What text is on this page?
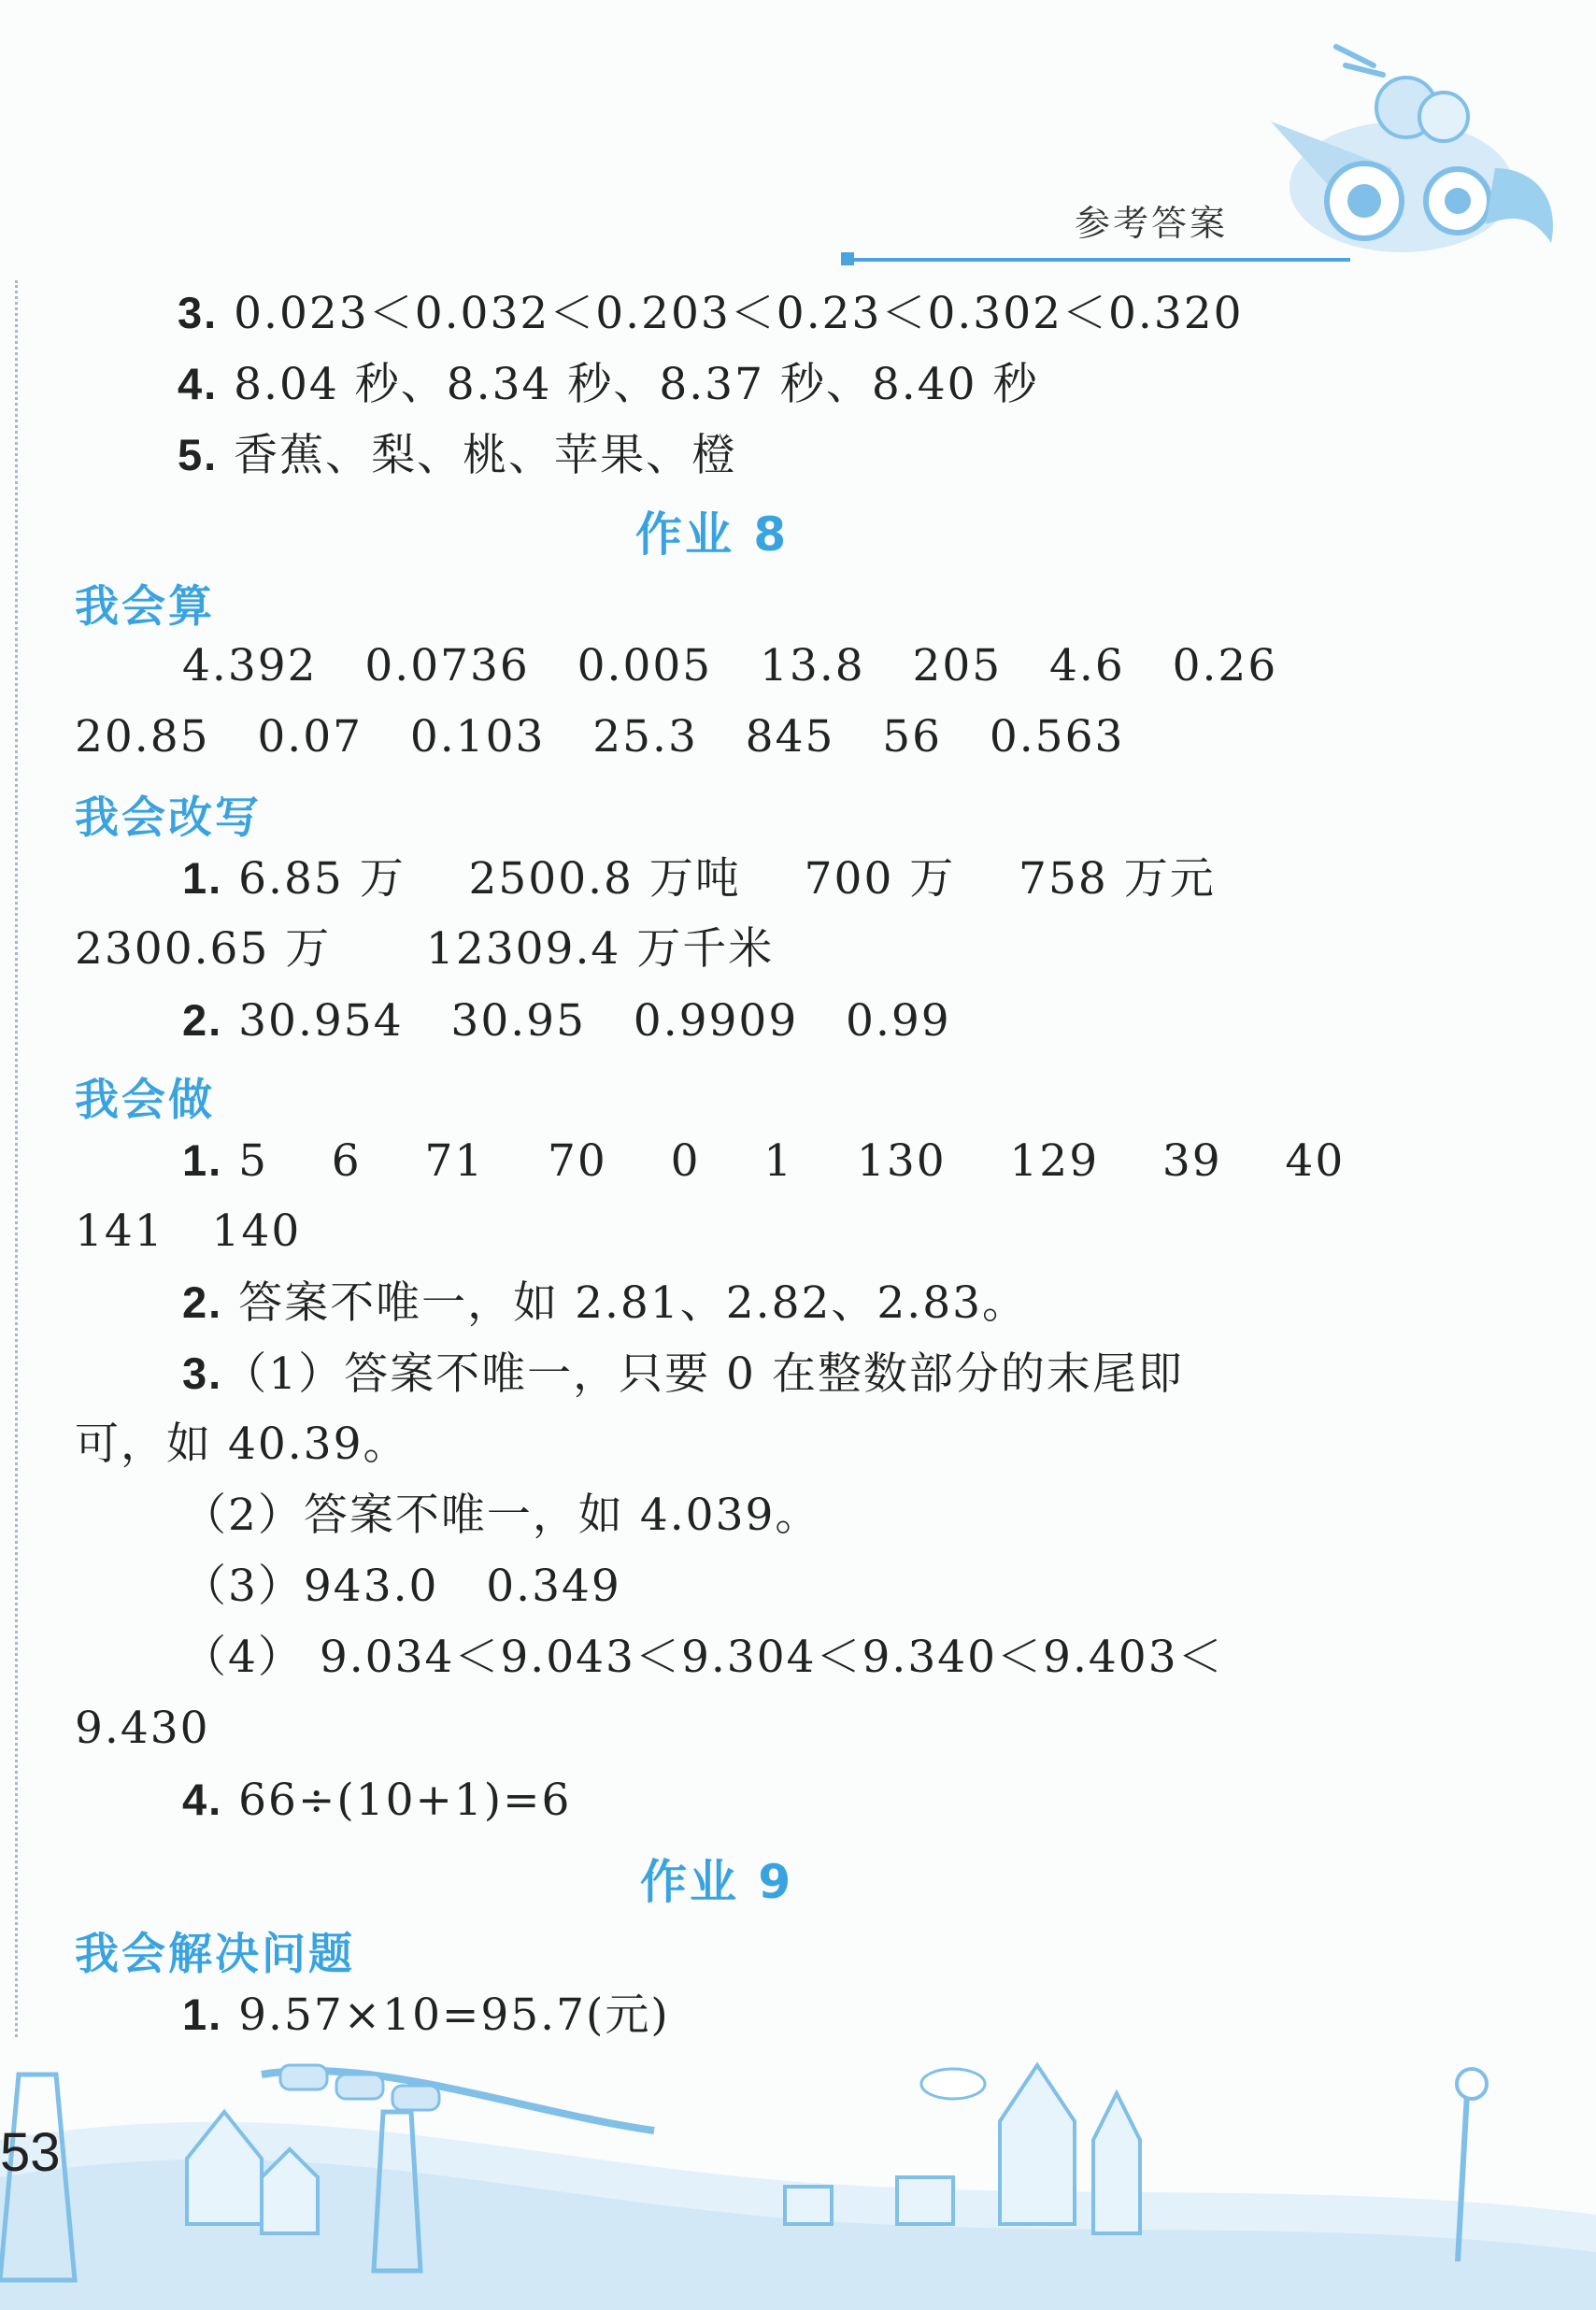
参考答案
3. 0.023＜0.032＜0.203＜0.23＜0.302＜0.320
4. 8.04 秒、8.34 秒、8.37 秒、8.40 秒
5. 香蕉、梨、桃、苹果、橙
作业 8
我会算
4.392   0.0736   0.005   13.8   205   4.6   0.26
20.85   0.07   0.103   25.3   845   56   0.563
我会改写
1. 6.85 万    2500.8 万吨    700 万    758 万元
2300.65 万      12309.4 万千米
2. 30.954   30.95   0.9909   0.99
我会做
1. 5    6    71    70    0    1    130    129    39    40
141   140
2. 答案不唯一，如 2.81、2.82、2.83。
3.（1）答案不唯一，只要 0 在整数部分的末尾即
可，如 40.39。
（2）答案不唯一，如 4.039。
（3）943.0   0.349
（4） 9.034＜9.043＜9.304＜9.340＜9.403＜
9.430
4. 66÷(10+1)=6
作业 9
我会解决问题
1. 9.57×10=95.7(元)
53
